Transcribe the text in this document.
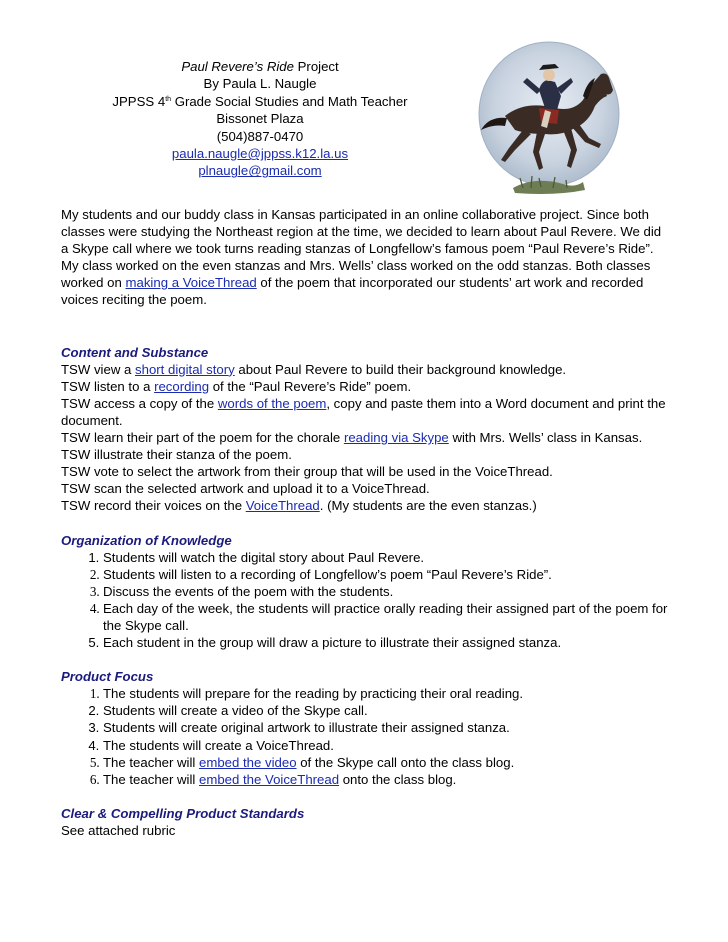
Paul Revere’s Ride Project
By Paula L. Naugle
JPPSS 4th Grade Social Studies and Math Teacher
Bissonet Plaza
(504)887-0470
paula.naugle@jppss.k12.la.us
plnaugle@gmail.com

My students and our buddy class in Kansas participated in an online collaborative project. Since both classes were studying the Northeast region at the time, we decided to learn about Paul Revere. We did a Skype call where we took turns reading stanzas of Longfellow’s famous poem “Paul Revere’s Ride”. My class worked on the even stanzas and Mrs. Wells’ class worked on the odd stanzas. Both classes worked on making a VoiceThread of the poem that incorporated our students’ art work and recorded voices reciting the poem.

Content and Substance
TSW view a short digital story about Paul Revere to build their background knowledge.
TSW listen to a recording of the “Paul Revere’s Ride” poem.
TSW access a copy of the words of the poem, copy and paste them into a Word document and print the document.
TSW learn their part of the poem for the chorale reading via Skype with Mrs. Wells’ class in Kansas.
TSW illustrate their stanza of the poem.
TSW vote to select the artwork from their group that will be used in the VoiceThread.
TSW scan the selected artwork and upload it to a VoiceThread.
TSW record their voices on the VoiceThread. (My students are the even stanzas.)
Organization of Knowledge
1. Students will watch the digital story about Paul Revere.
2. Students will listen to a recording of Longfellow’s poem “Paul Revere’s Ride”.
3. Discuss the events of the poem with the students.
4. Each day of the week, the students will practice orally reading their assigned part of the poem for the Skype call.
5. Each student in the group will draw a picture to illustrate their assigned stanza.
Product Focus
1. The students will prepare for the reading by practicing their oral reading.
2. Students will create a video of the Skype call.
3. Students will create original artwork to illustrate their assigned stanza.
4. The students will create a VoiceThread.
5. The teacher will embed the video of the Skype call onto the class blog.
6. The teacher will embed the VoiceThread onto the class blog.
Clear & Compelling Product Standards
See attached rubric
